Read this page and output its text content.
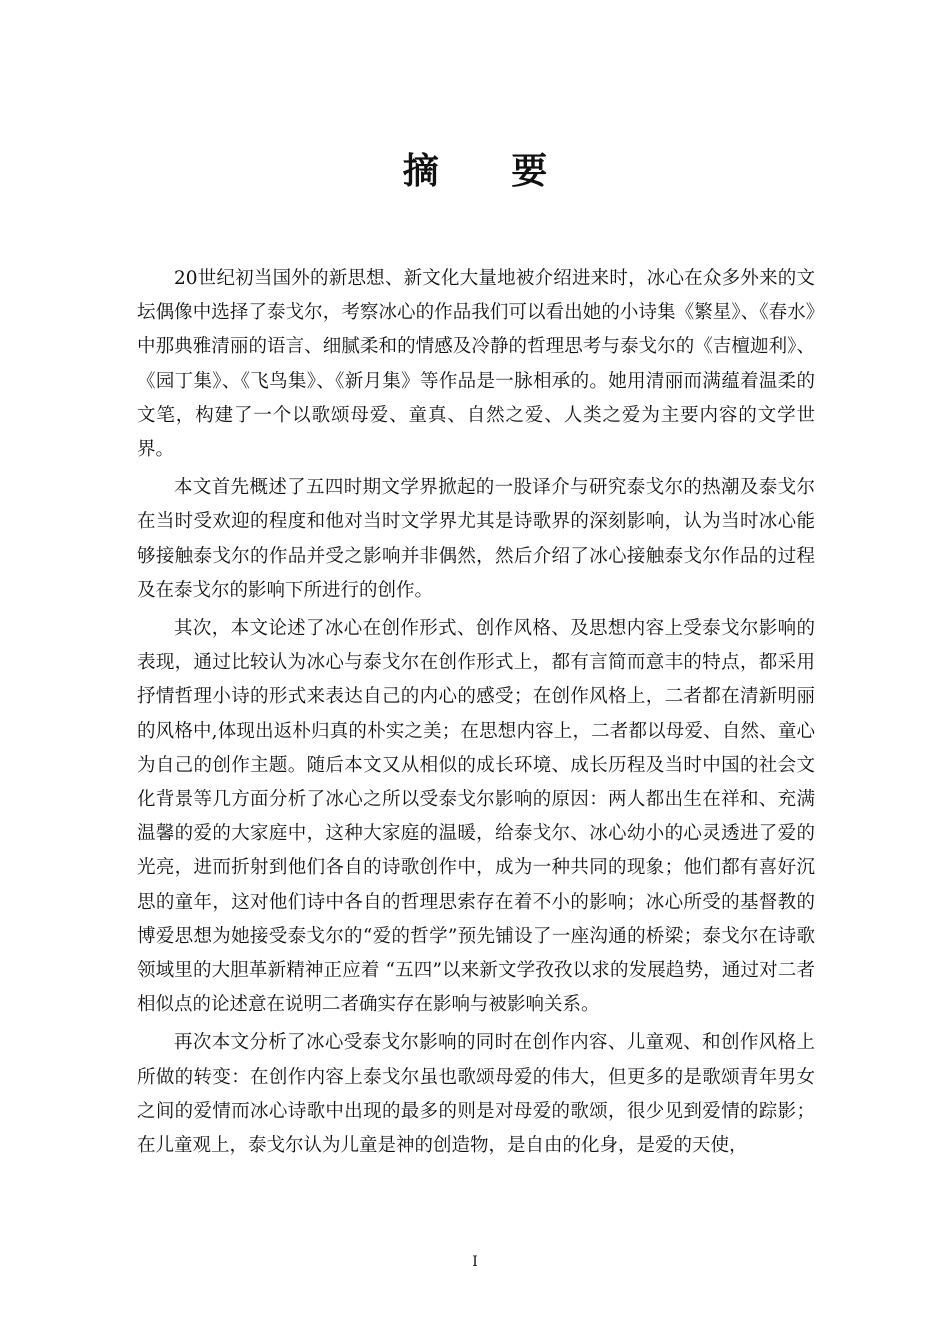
摘 要

20世纪初当国外的新思想、新文化大量地被介绍进来时，冰心在众多外来的文坛偶像中选择了泰戈尔，考察冰心的作品我们可以看出她的小诗集《繁星》、《春水》中那典雅清丽的语言、细腻柔和的情感及冷静的哲理思考与泰戈尔的《吉檀迦利》、《园丁集》、《飞鸟集》、《新月集》等作品是一脉相承的。她用清丽而满蕴着温柔的文笔，构建了一个以歌颂母爱、童真、自然之爱、人类之爱为主要内容的文学世界。

本文首先概述了五四时期文学界掀起的一股译介与研究泰戈尔的热潮及泰戈尔在当时受欢迎的程度和他对当时文学界尤其是诗歌界的深刻影响，认为当时冰心能够接触泰戈尔的作品并受之影响并非偶然，然后介绍了冰心接触泰戈尔作品的过程及在泰戈尔的影响下所进行的创作。

其次，本文论述了冰心在创作形式、创作风格、及思想内容上受泰戈尔影响的表现，通过比较认为冰心与泰戈尔在创作形式上，都有言简而意丰的特点，都采用抒情哲理小诗的形式来表达自己的内心的感受；在创作风格上，二者都在清新明丽的风格中,体现出返朴归真的朴实之美；在思想内容上，二者都以母爱、自然、童心为自己的创作主题。随后本文又从相似的成长环境、成长历程及当时中国的社会文化背景等几方面分析了冰心之所以受泰戈尔影响的原因：两人都出生在祥和、充满温馨的爱的大家庭中，这种大家庭的温暖，给泰戈尔、冰心幼小的心灵透进了爱的光亮，进而折射到他们各自的诗歌创作中，成为一种共同的现象；他们都有喜好沉思的童年，这对他们诗中各自的哲理思索存在着不小的影响；冰心所受的基督教的博爱思想为她接受泰戈尔的“爱的哲学”预先铺设了一座沟通的桥梁；泰戈尔在诗歌领域里的大胆革新精神正应着 “五四”以来新文学孜孜以求的发展趋势，通过对二者相似点的论述意在说明二者确实存在影响与被影响关系。

再次本文分析了冰心受泰戈尔影响的同时在创作内容、儿童观、和创作风格上所做的转变：在创作内容上泰戈尔虽也歌颂母爱的伟大，但更多的是歌颂青年男女之间的爱情而冰心诗歌中出现的最多的则是对母爱的歌颂，很少见到爱情的踪影；在儿童观上，泰戈尔认为儿童是神的创造物，是自由的化身，是爱的天使，

I
